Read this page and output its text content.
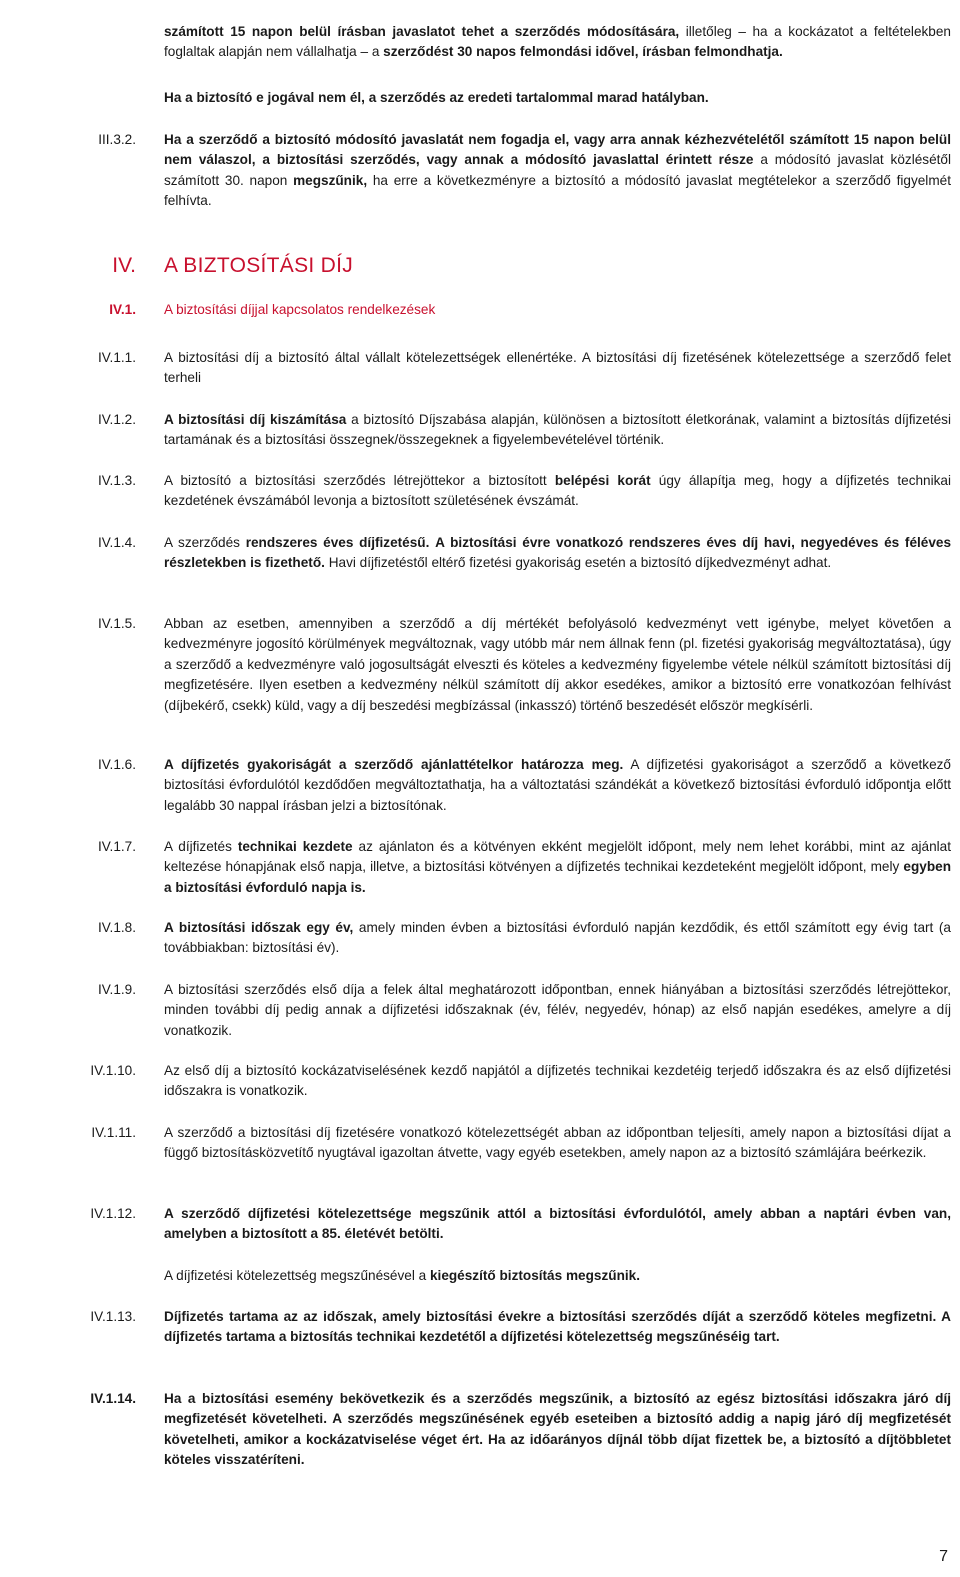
számított 15 napon belül írásban javaslatot tehet a szerződés módosítására, illetőleg – ha a kockázatot a feltételekben foglaltak alapján nem vállalhatja – a szerződést 30 napos felmondási idővel, írásban felmondhatja.
Ha a biztosító e jogával nem él, a szerződés az eredeti tartalommal marad hatályban.
III.3.2. Ha a szerződő a biztosító módosító javaslatát nem fogadja el, vagy arra annak kézhezvételétől számított 15 napon belül nem válaszol, a biztosítási szerződés, vagy annak a módosító javaslattal érintett része a módosító javaslat közlésétől számított 30. napon megszűnik, ha erre a következményre a biztosító a módosító javaslat megtételekor a szerződő figyelmét felhívta.
IV. A BIZTOSÍTÁSI DÍJ
IV.1. A biztosítási díjjal kapcsolatos rendelkezések
IV.1.1. A biztosítási díj a biztosító által vállalt kötelezettségek ellenértéke. A biztosítási díj fizetésének kötelezettsége a szerződő felet terheli
IV.1.2. A biztosítási díj kiszámítása a biztosító Díjszabása alapján, különösen a biztosított életkorának, valamint a biztosítás díjfizetési tartamának és a biztosítási összegnek/összegeknek a figyelembevételével történik.
IV.1.3. A biztosító a biztosítási szerződés létrejöttekor a biztosított belépési korát úgy állapítja meg, hogy a díjfizetés technikai kezdetének évszámából levonja a biztosított születésének évszámát.
IV.1.4. A szerződés rendszeres éves díjfizetésű. A biztosítási évre vonatkozó rendszeres éves díj havi, negyedéves és féléves részletekben is fizethető. Havi díjfizetéstől eltérő fizetési gyakoriság esetén a biztosító díjkedvezményt adhat.
IV.1.5. Abban az esetben, amennyiben a szerződő a díj mértékét befolyásoló kedvezményt vett igénybe, melyet követően a kedvezményre jogosító körülmények megváltoznak, vagy utóbb már nem állnak fenn (pl. fizetési gyakoriság megváltoztatása), úgy a szerződő a kedvezményre való jogosultságát elveszti és köteles a kedvezmény figyelembe vétele nélkül számított biztosítási díj megfizetésére. Ilyen esetben a kedvezmény nélkül számított díj akkor esedékes, amikor a biztosító erre vonatkozóan felhívást (díjbekérő, csekk) küld, vagy a díj beszedési megbízással (inkasszó) történő beszedését először megkísérli.
IV.1.6. A díjfizetés gyakoriságát a szerződő ajánlattételkor határozza meg. A díjfizetési gyakoriságot a szerződő a következő biztosítási évfordulótól kezdődően megváltoztathatja, ha a változtatási szándékát a következő biztosítási évforduló időpontja előtt legalább 30 nappal írásban jelzi a biztosítónak.
IV.1.7. A díjfizetés technikai kezdete az ajánlaton és a kötvényen ekként megjelölt időpont, mely nem lehet korábbi, mint az ajánlat keltezése hónapjának első napja, illetve, a biztosítási kötvényen a díjfizetés technikai kezdeteként megjelölt időpont, mely egyben a biztosítási évforduló napja is.
IV.1.8. A biztosítási időszak egy év, amely minden évben a biztosítási évforduló napján kezdődik, és ettől számított egy évig tart (a továbbiakban: biztosítási év).
IV.1.9. A biztosítási szerződés első díja a felek által meghatározott időpontban, ennek hiányában a biztosítási szerződés létrejöttekor, minden további díj pedig annak a díjfizetési időszaknak (év, félév, negyedév, hónap) az első napján esedékes, amelyre a díj vonatkozik.
IV.1.10. Az első díj a biztosító kockázatviselésének kezdő napjától a díjfizetés technikai kezdetéig terjedő időszakra és az első díjfizetési időszakra is vonatkozik.
IV.1.11. A szerződő a biztosítási díj fizetésére vonatkozó kötelezettségét abban az időpontban teljesíti, amely napon a biztosítási díjat a függő biztosításközvetítő nyugtával igazoltan átvette, vagy egyéb esetekben, amely napon az a biztosító számlájára beérkezik.
IV.1.12. A szerződő díjfizetési kötelezettsége megszűnik attól a biztosítási évfordulótól, amely abban a naptári évben van, amelyben a biztosított a 85. életévét betölti.
A díjfizetési kötelezettség megszűnésével a kiegészítő biztosítás megszűnik.
IV.1.13. Díjfizetés tartama az az időszak, amely biztosítási évekre a biztosítási szerződés díját a szerződő köteles megfizetni. A díjfizetés tartama a biztosítás technikai kezdetétől a díjfizetési kötelezettség megszűnéséig tart.
IV.1.14. Ha a biztosítási esemény bekövetkezik és a szerződés megszűnik, a biztosító az egész biztosítási időszakra járó díj megfizetését követelheti. A szerződés megszűnésének egyéb eseteiben a biztosító addig a napig járó díj megfizetését követelheti, amikor a kockázatviselése véget ért. Ha az időarányos díjnál több díjat fizettek be, a biztosító a díjtöbbletet köteles visszatéríteni.
7
